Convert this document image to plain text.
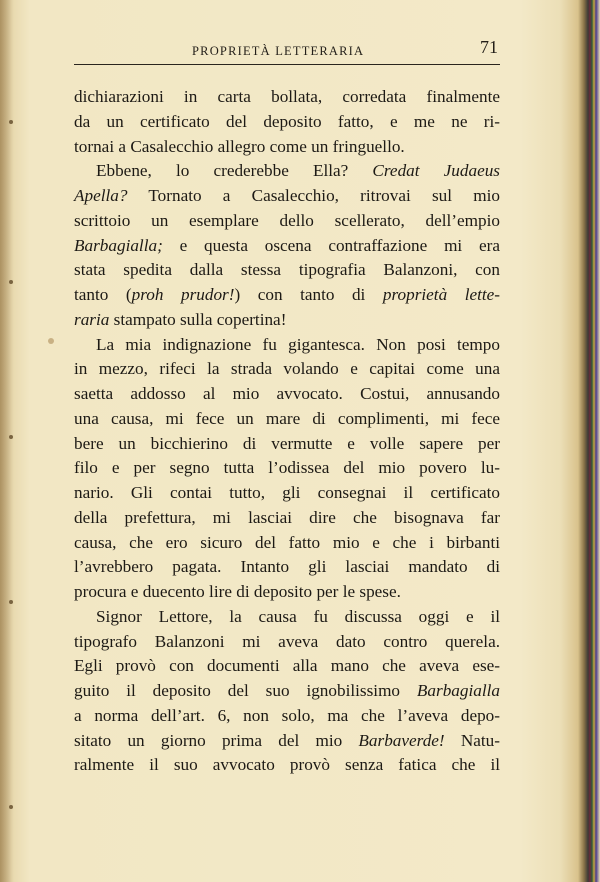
PROPRIETÀ LETTERARIA	71
dichiarazioni in carta bollata, corredata finalmente
da un certificato del deposito fatto, e me ne ri-
tornai a Casalecchio allegro come un fringuello.
Ebbene, lo crederebbe Ella? Credat Judaeus
Apella? Tornato a Casalecchio, ritrovai sul mio
scrittoio un esemplare dello scellerato, dell’empio
Barbagialla; e questa oscena contraffazione mi era
stata spedita dalla stessa tipografia Balanzoni, con
tanto (proh prudor!) con tanto di proprietà lette-
raria stampato sulla copertina!
La mia indignazione fu gigantesca. Non posi tempo
in mezzo, rifeci la strada volando e capitai come una
saetta addosso al mio avvocato. Costui, annusando
una causa, mi fece un mare di complimenti, mi fece
bere un bicchierino di vermutte e volle sapere per
filo e per segno tutta l’odissea del mio povero lu-
nario. Gli contai tutto, gli consegnai il certificato
della prefettura, mi lasciai dire che bisognava far
causa, che ero sicuro del fatto mio e che i birbanti
l’avrebbero pagata. Intanto gli lasciai mandato di
procura e duecento lire di deposito per le spese.
Signor Lettore, la causa fu discussa oggi e il
tipografo Balanzoni mi aveva dato contro querela.
Egli provò con documenti alla mano che aveva ese-
guito il deposito del suo ignobilissimo Barbagialla
a norma dell’art. 6, non solo, ma che l’aveva depo-
sitato un giorno prima del mio Barbaverde! Natu-
ralmente il suo avvocato provò senza fatica che il
